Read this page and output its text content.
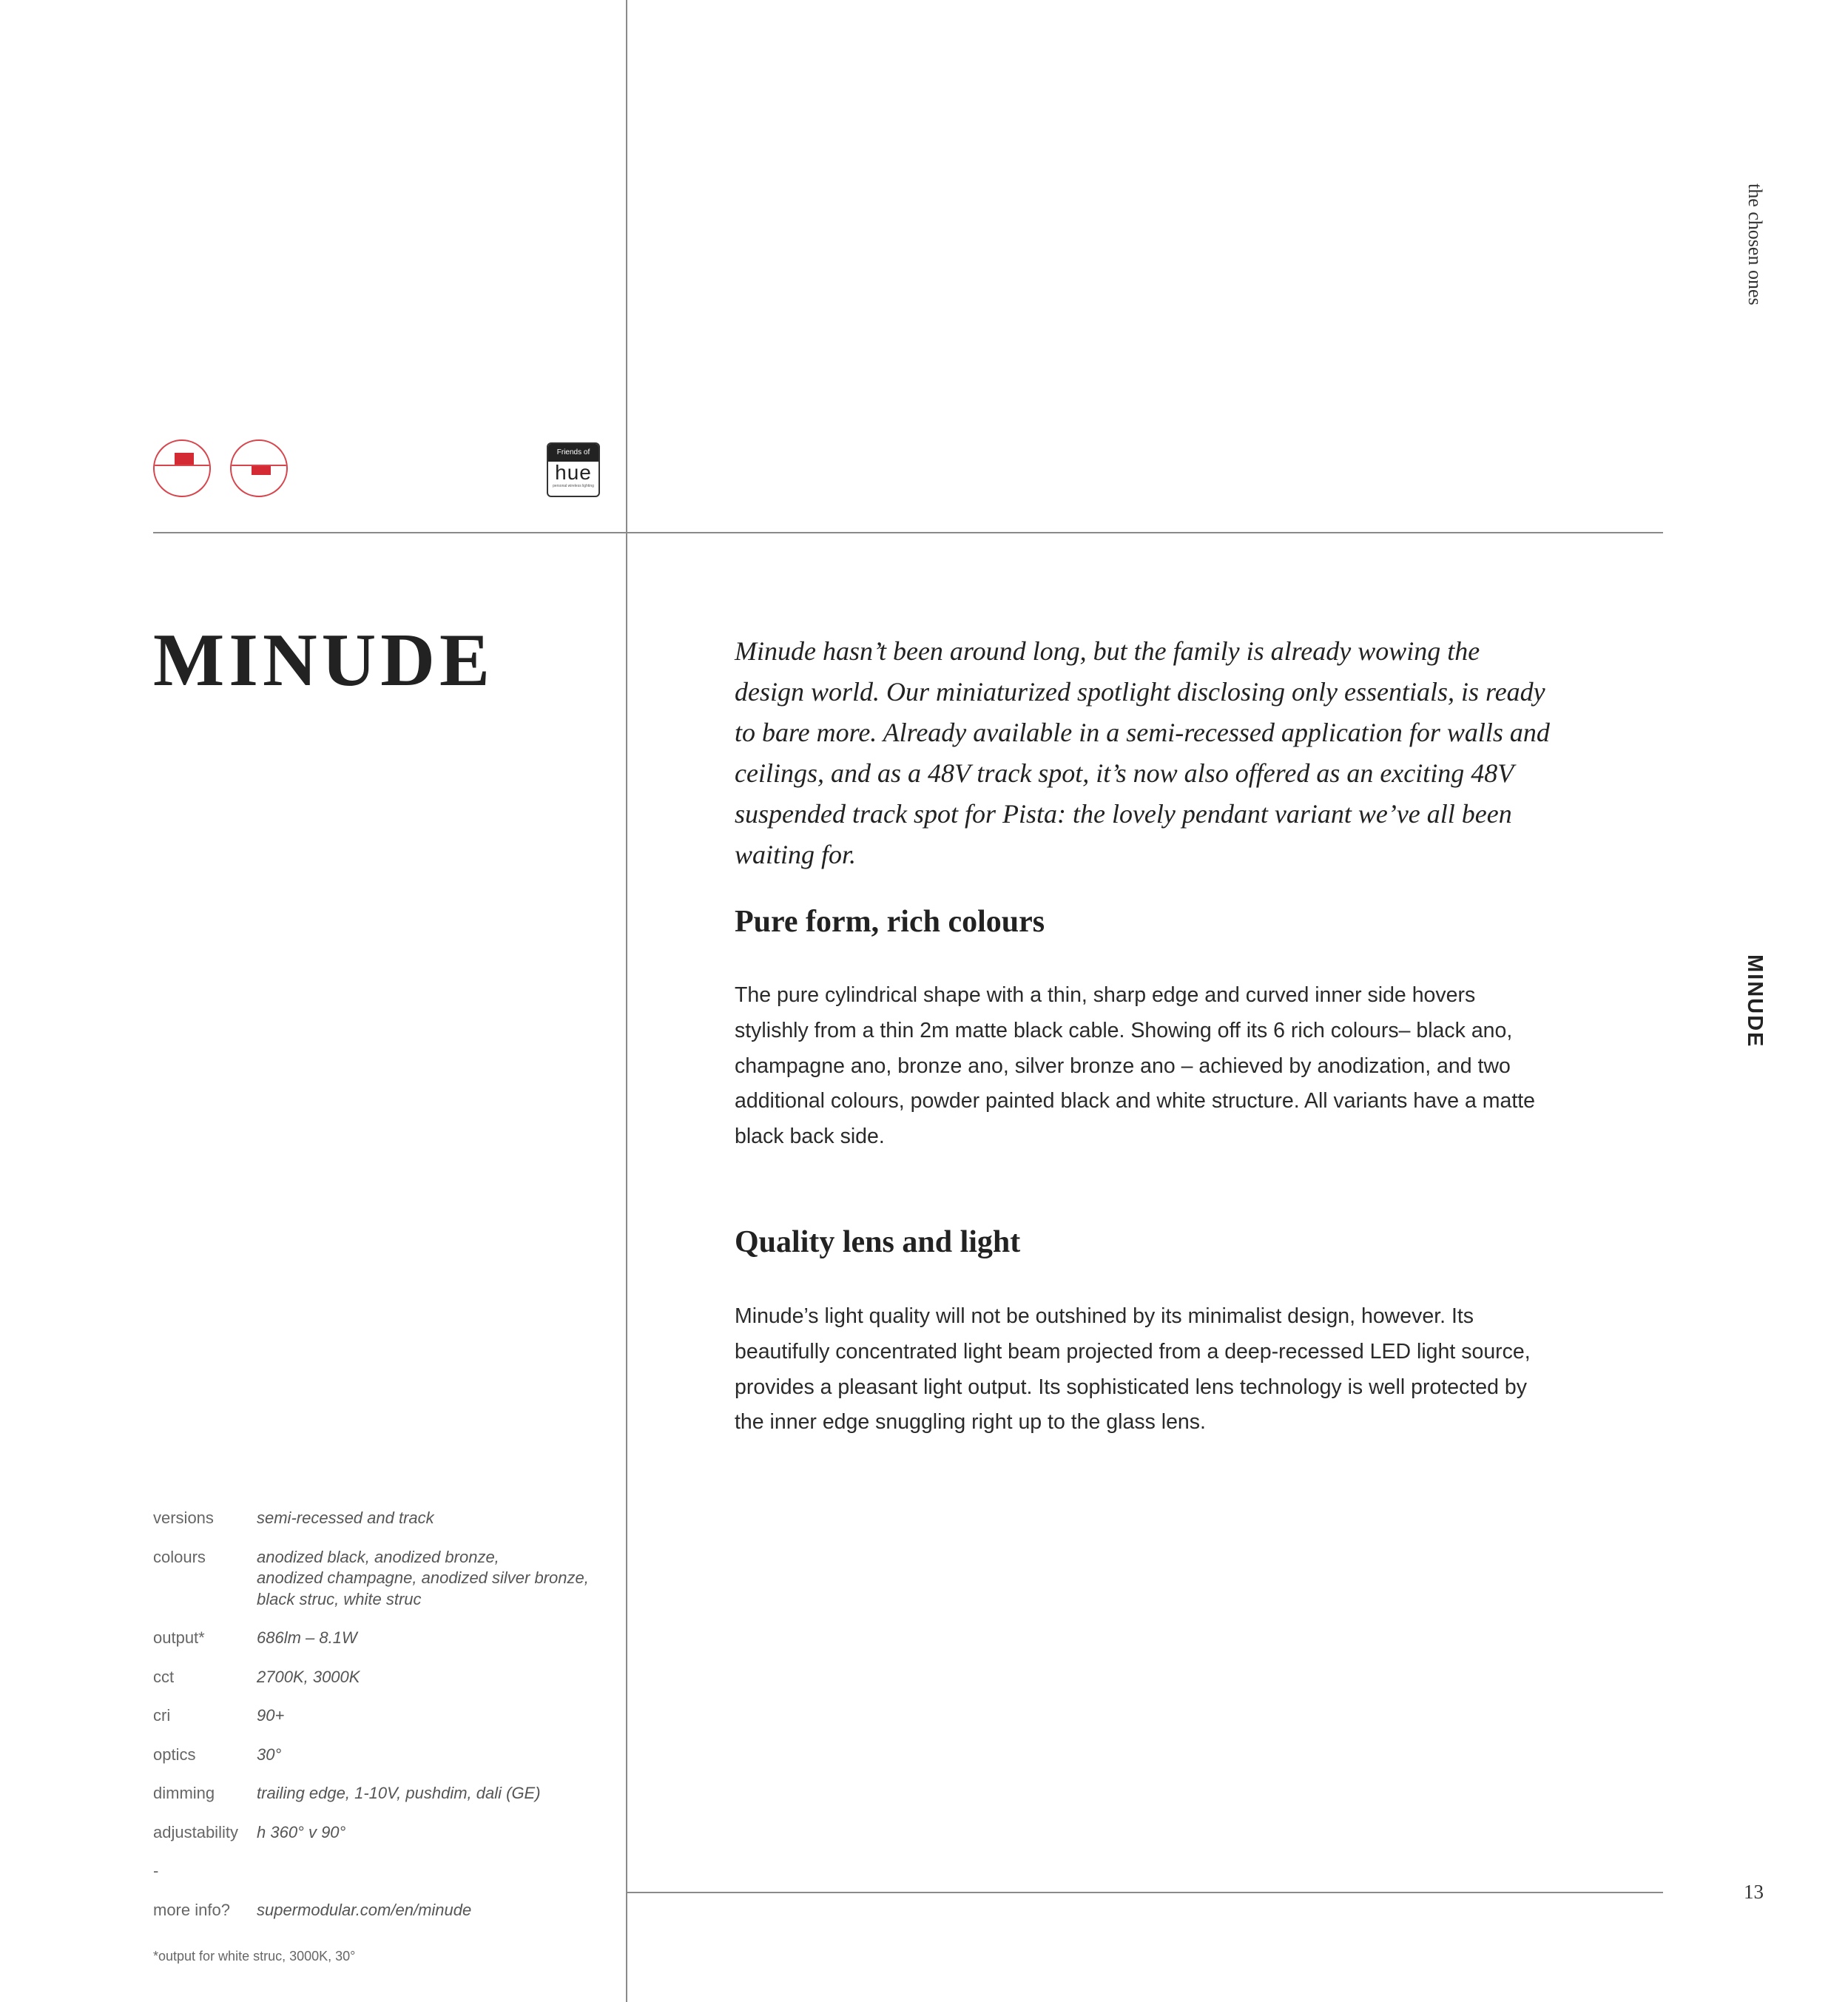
the chosen ones
MINUDE
13
Friends of
hue
personal wireless lighting
MINUDE	Minude hasn’t been around long, but the family is already wowing the design world. Our miniaturized spotlight disclosing only essentials, is ready to bare more. Already available in a semi-recessed application for walls and ceilings, and as a 48V track spot, it’s now also offered as an exciting 48V suspended track spot for Pista: the lovely pendant variant we’ve all been waiting for.
Pure form, rich colours
The pure cylindrical shape with a thin, sharp edge and curved inner side hovers stylishly from a thin 2m matte black cable. Showing off its 6 rich colours– black ano, champagne ano, bronze ano, silver bronze ano – achieved by anodization, and two additional colours, powder painted black and white structure. All variants have a matte black back side.
Quality lens and light
Minude’s light quality will not be outshined by its minimalist design, however. Its beautifully concentrated light beam projected from a deep-recessed LED light source, provides a pleasant light output. Its sophisticated lens technology is well protected by the inner edge snuggling right up to the glass lens.
versions	semi-recessed and track
colours	anodized black, anodized bronze,
anodized champagne, anodized silver bronze,
black struc, white struc
output*	686lm – 8.1W
cct	2700K, 3000K
cri	90+
optics	30°
dimming	trailing edge, 1-10V, pushdim, dali (GE)
adjustability	h 360° v 90°
-
more info?	supermodular.com/en/minude
*output for white struc, 3000K, 30°
